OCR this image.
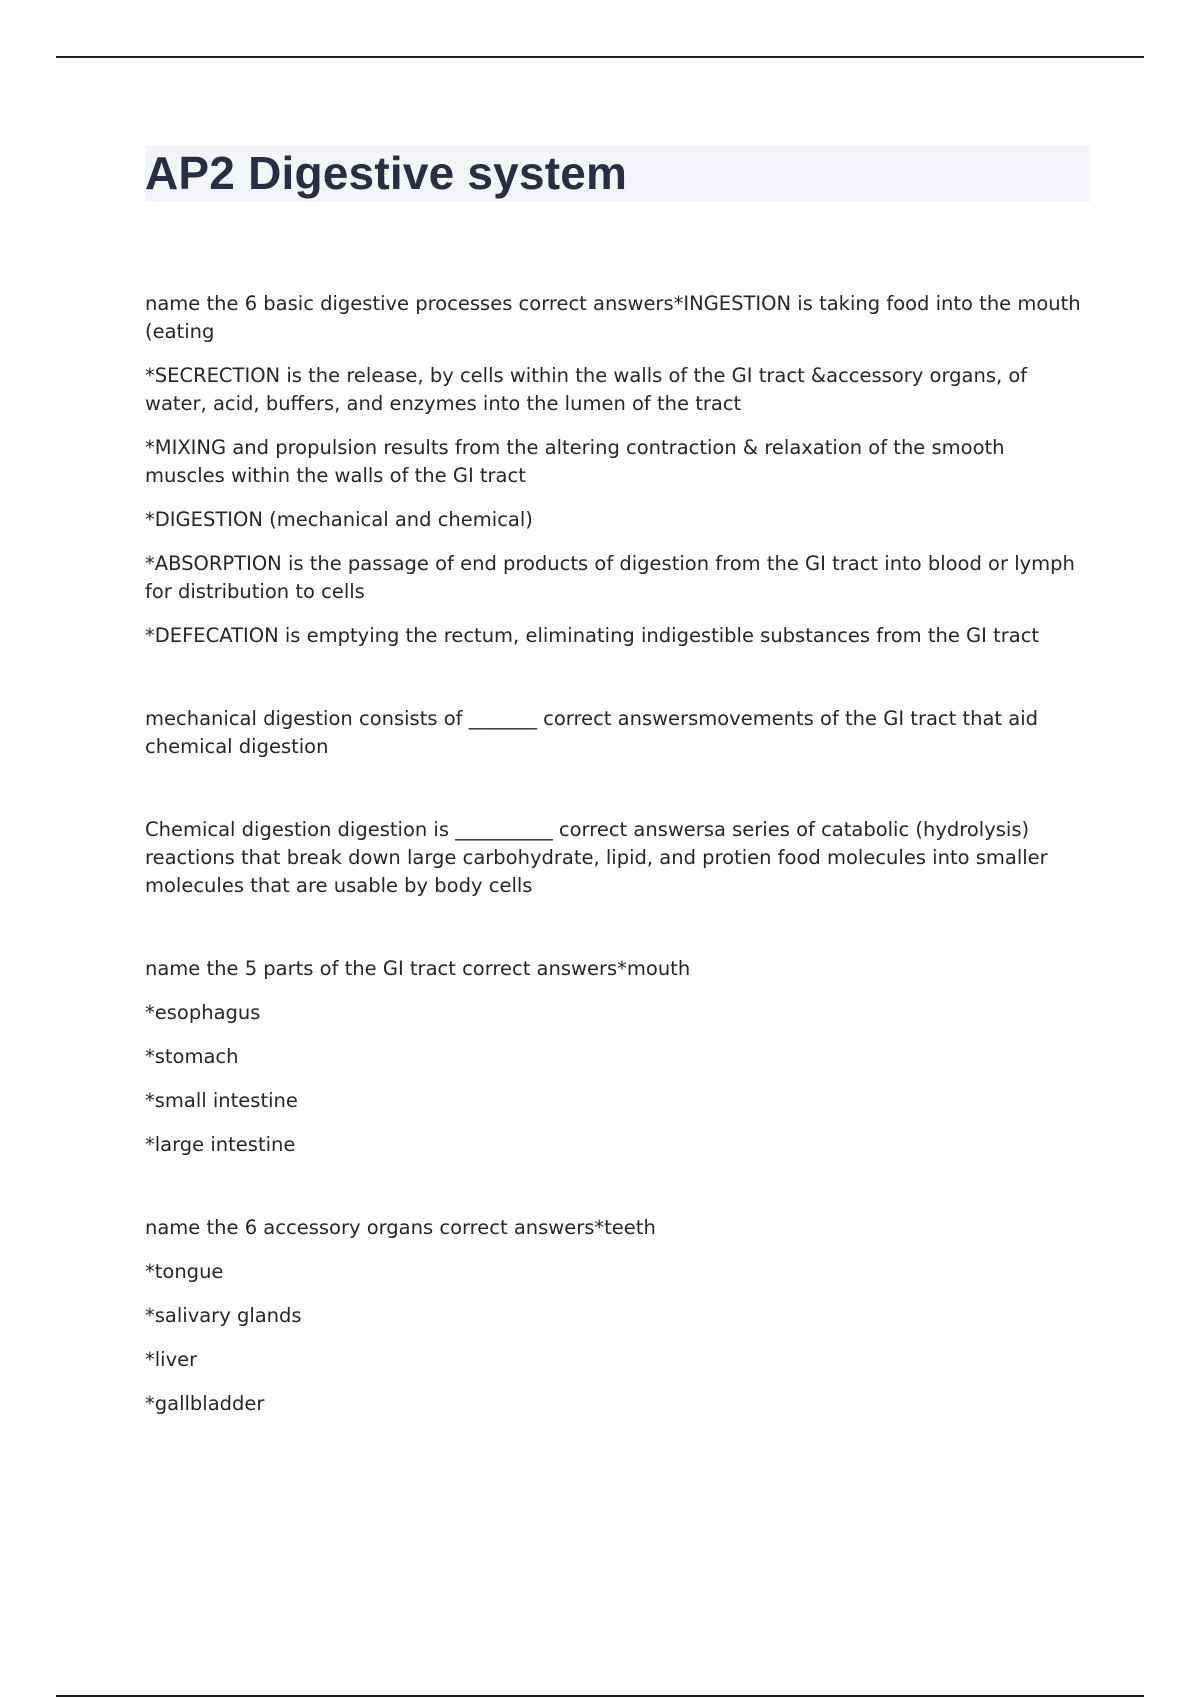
AP2 Digestive system

name the 6 basic digestive processes correct answers*INGESTION is taking food into the mouth (eating

*SECRECTION is the release, by cells within the walls of the GI tract &accessory organs, of water, acid, buffers, and enzymes into the lumen of the tract

*MIXING and propulsion results from the altering contraction & relaxation of the smooth muscles within the walls of the GI tract

*DIGESTION (mechanical and chemical)

*ABSORPTION is the passage of end products of digestion from the GI tract into blood or lymph for distribution to cells

*DEFECATION is emptying the rectum, eliminating indigestible substances from the GI tract

mechanical digestion consists of _______ correct answersmovements of the GI tract that aid chemical digestion

Chemical digestion digestion is __________ correct answersa series of catabolic (hydrolysis) reactions that break down large carbohydrate, lipid, and protien food molecules into smaller molecules that are usable by body cells

name the 5 parts of the GI tract correct answers*mouth

*esophagus

*stomach

*small intestine

*large intestine

name the 6 accessory organs correct answers*teeth

*tongue

*salivary glands

*liver

*gallbladder
